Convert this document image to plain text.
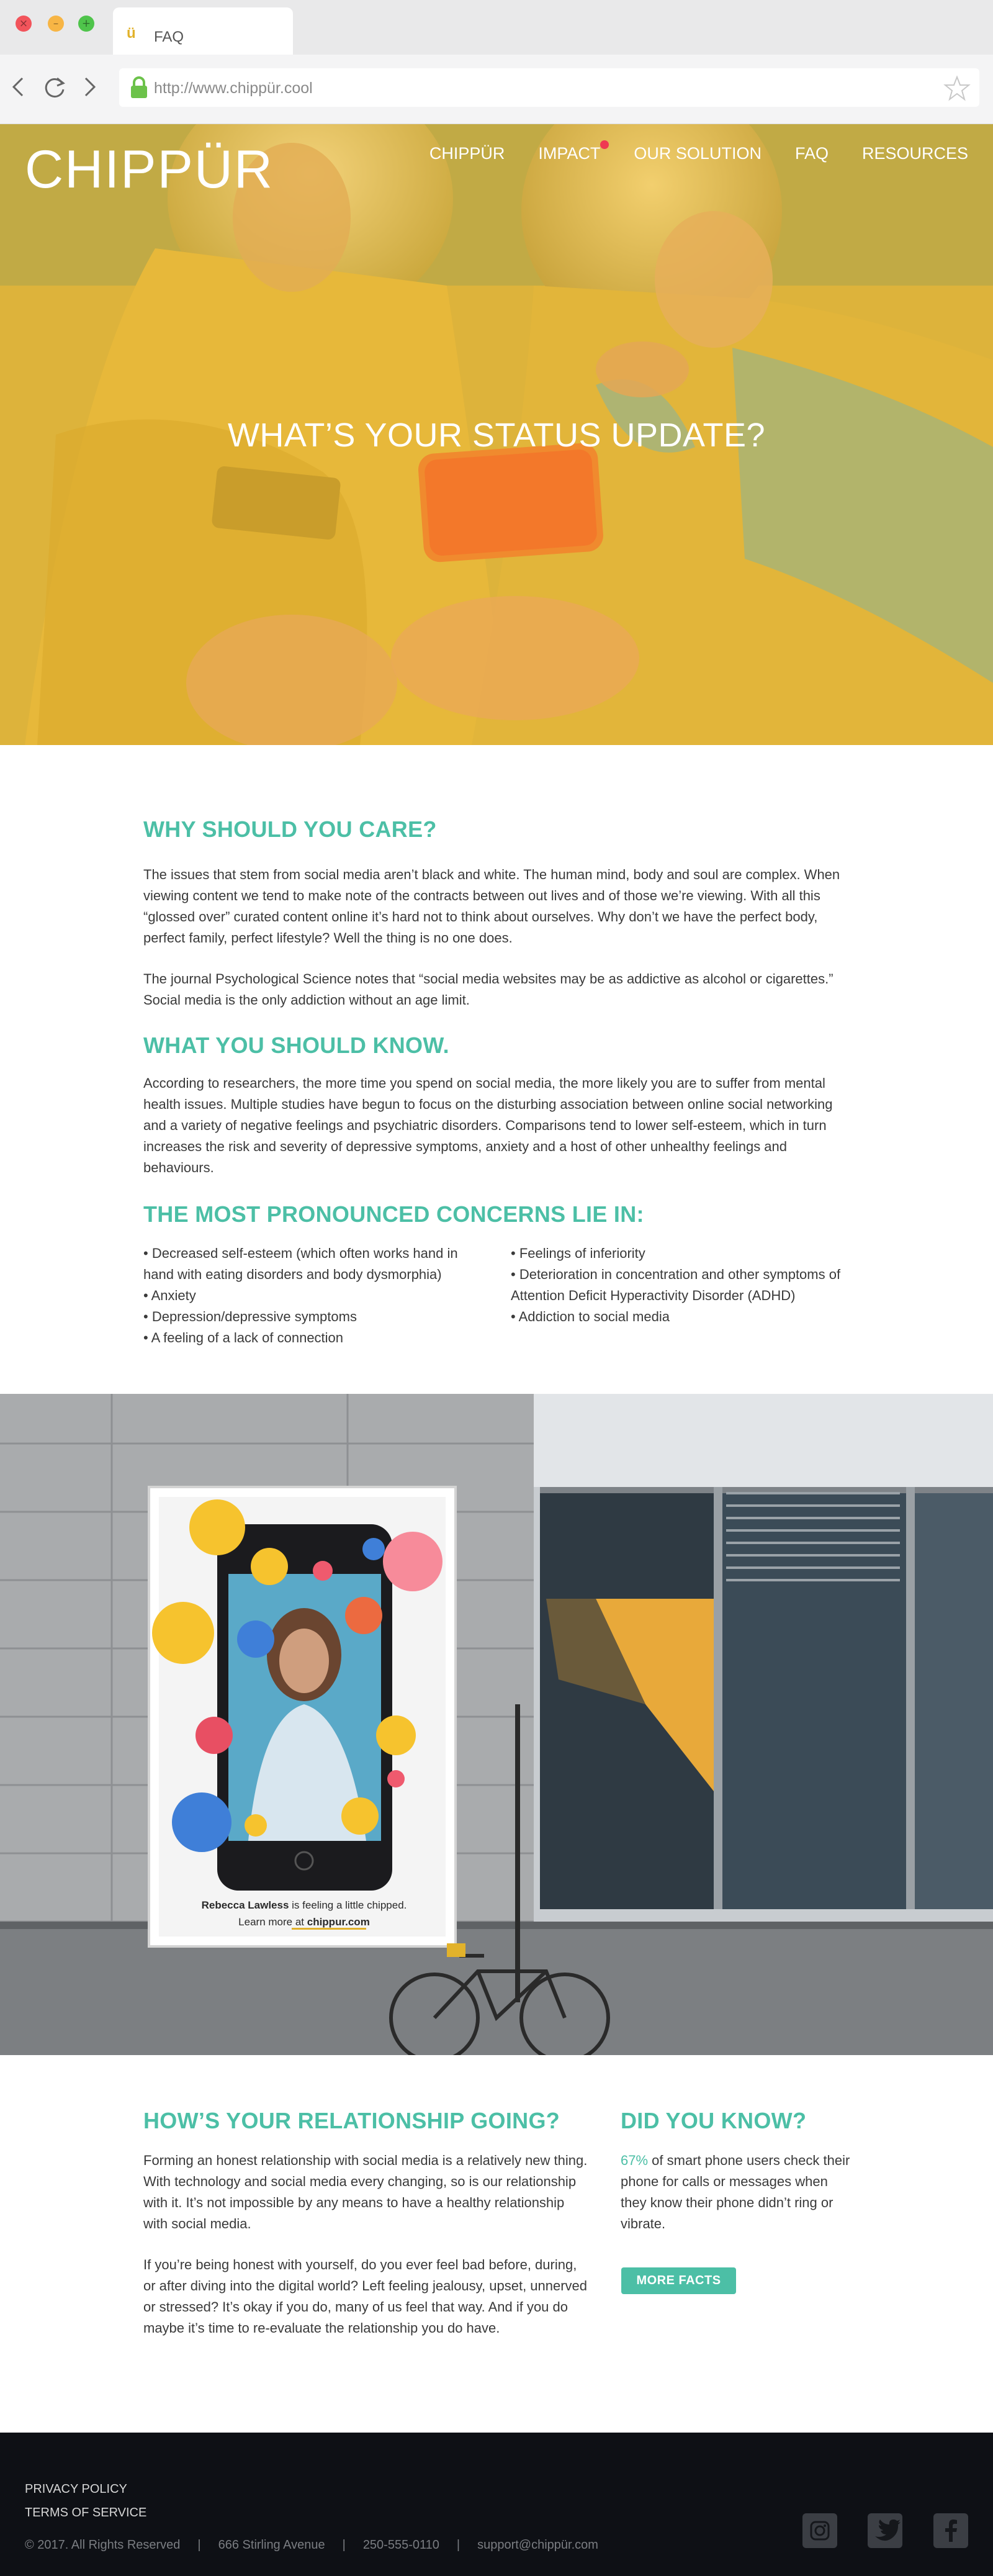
×	–	+
ü	FAQ
http://www.chippür.cool
CHIPPÜR	CHIPPÜR IMPACT OUR SOLUTION FAQ RESOURCES
WHAT’S YOUR STATUS UPDATE?
WHY SHOULD YOU CARE?

The issues that stem from social media aren’t black and white. The human mind, body and soul are complex. When viewing content we tend to make note of the contracts between out lives and of those we’re viewing. With all this “glossed over” curated content online it’s hard not to think about ourselves. Why don’t we have the perfect body, perfect family, perfect lifestyle? Well the thing is no one does.

The journal Psychological Science notes that “social media websites may be as addictive as alcohol or cigarettes.” Social media is the only addiction without an age limit.

WHAT YOU SHOULD KNOW.

According to researchers, the more time you spend on social media, the more likely you are to suffer from mental health issues. Multiple studies have begun to focus on the disturbing association between online social networking and a variety of negative feelings and psychiatric disorders. Comparisons tend to lower self-esteem, which in turn increases the risk and severity of depressive symptoms, anxiety and a host of other unhealthy feelings and behaviours.

THE MOST PRONOUNCED CONCERNS LIE IN:
• Decreased self-esteem (which often works hand in hand with eating disorders and body dysmorphia)
• Anxiety
• Depression/depressive symptoms
• A feeling of a lack of connection
• Feelings of inferiority
• Deterioration in concentration and other symptoms of Attention Deficit Hyperactivity Disorder (ADHD)
• Addiction to social media
Rebecca Lawless is feeling a little chipped.
Learn more at chippur.com
HOW’S YOUR RELATIONSHIP GOING?

Forming an honest relationship with social media is a relatively new thing. With technology and social media every changing, so is our relationship with it. It’s not impossible by any means to have a healthy relationship with social media.

If you’re being honest with yourself, do you ever feel bad before, during, or after diving into the digital world? Left feeling jealousy, upset, unnerved or stressed? It’s okay if you do, many of us feel that way. And if you do maybe it’s time to re-evaluate the relationship you do have.

DID YOU KNOW?

67% of smart phone users check their phone for calls or messages when they know their phone didn’t ring or vibrate.

MORE FACTS
PRIVACY POLICY
TERMS OF SERVICE
© 2017. All Rights Reserved | 666 Stirling Avenue | 250-555-0110 | support@chippür.com
